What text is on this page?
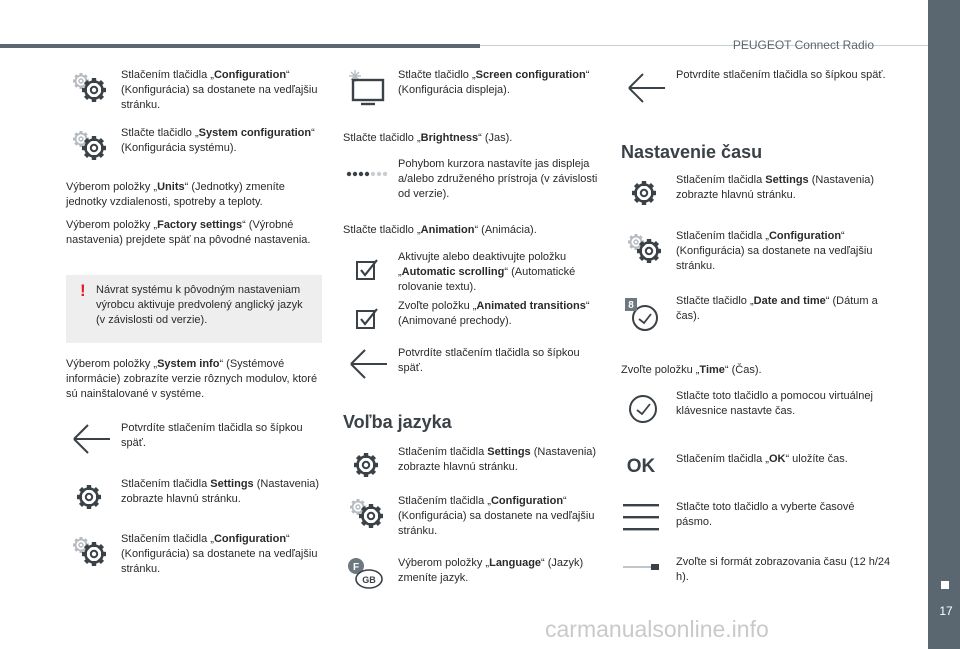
PEUGEOT Connect Radio
17
carmanualsonline.info
Stlačením tlačidla „Configuration“ (Konfigurácia) sa dostanete na vedľajšiu stránku.
Stlačte tlačidlo „System configuration“ (Konfigurácia systému).
Výberom položky „Units“ (Jednotky) zmeníte jednotky vzdialenosti, spotreby a teploty.
Výberom položky „Factory settings“ (Výrobné nastavenia) prejdete späť na pôvodné nastavenia.
! Návrat systému k pôvodným nastaveniam výrobcu aktivuje predvolený anglický jazyk (v závislosti od verzie).
Výberom položky „System info“ (Systémové informácie) zobrazíte verzie rôznych modulov, ktoré sú nainštalované v systéme.
Potvrdíte stlačením tlačidla so šípkou späť.
Stlačením tlačidla Settings (Nastavenia) zobrazte hlavnú stránku.
Stlačením tlačidla „Configuration“ (Konfigurácia) sa dostanete na vedľajšiu stránku.
Stlačte tlačidlo „Screen configuration“ (Konfigurácia displeja).
Stlačte tlačidlo „Brightness“ (Jas).
Pohybom kurzora nastavíte jas displeja a/alebo združeného prístroja (v závislosti od verzie).
Stlačte tlačidlo „Animation“ (Animácia).
Aktivujte alebo deaktivujte položku „Automatic scrolling“ (Automatické rolovanie textu).
Zvoľte položku „Animated transitions“ (Animované prechody).
Potvrdíte stlačením tlačidla so šípkou späť.
Voľba jazyka
Stlačením tlačidla Settings (Nastavenia) zobrazte hlavnú stránku.
Stlačením tlačidla „Configuration“ (Konfigurácia) sa dostanete na vedľajšiu stránku.
F
GB
Výberom položky „Language“ (Jazyk) zmeníte jazyk.
Potvrdíte stlačením tlačidla so šípkou späť.
Nastavenie času
Stlačením tlačidla Settings (Nastavenia) zobrazte hlavnú stránku.
Stlačením tlačidla „Configuration“ (Konfigurácia) sa dostanete na vedľajšiu stránku.
8	Stlačte tlačidlo „Date and time“ (Dátum a čas).
Zvoľte položku „Time“ (Čas).
Stlačte toto tlačidlo a pomocou virtuálnej klávesnice nastavte čas.
OK Stlačením tlačidla „OK“ uložíte čas.
Stlačte toto tlačidlo a vyberte časové pásmo.
Zvoľte si formát zobrazovania času (12 h/24 h).
